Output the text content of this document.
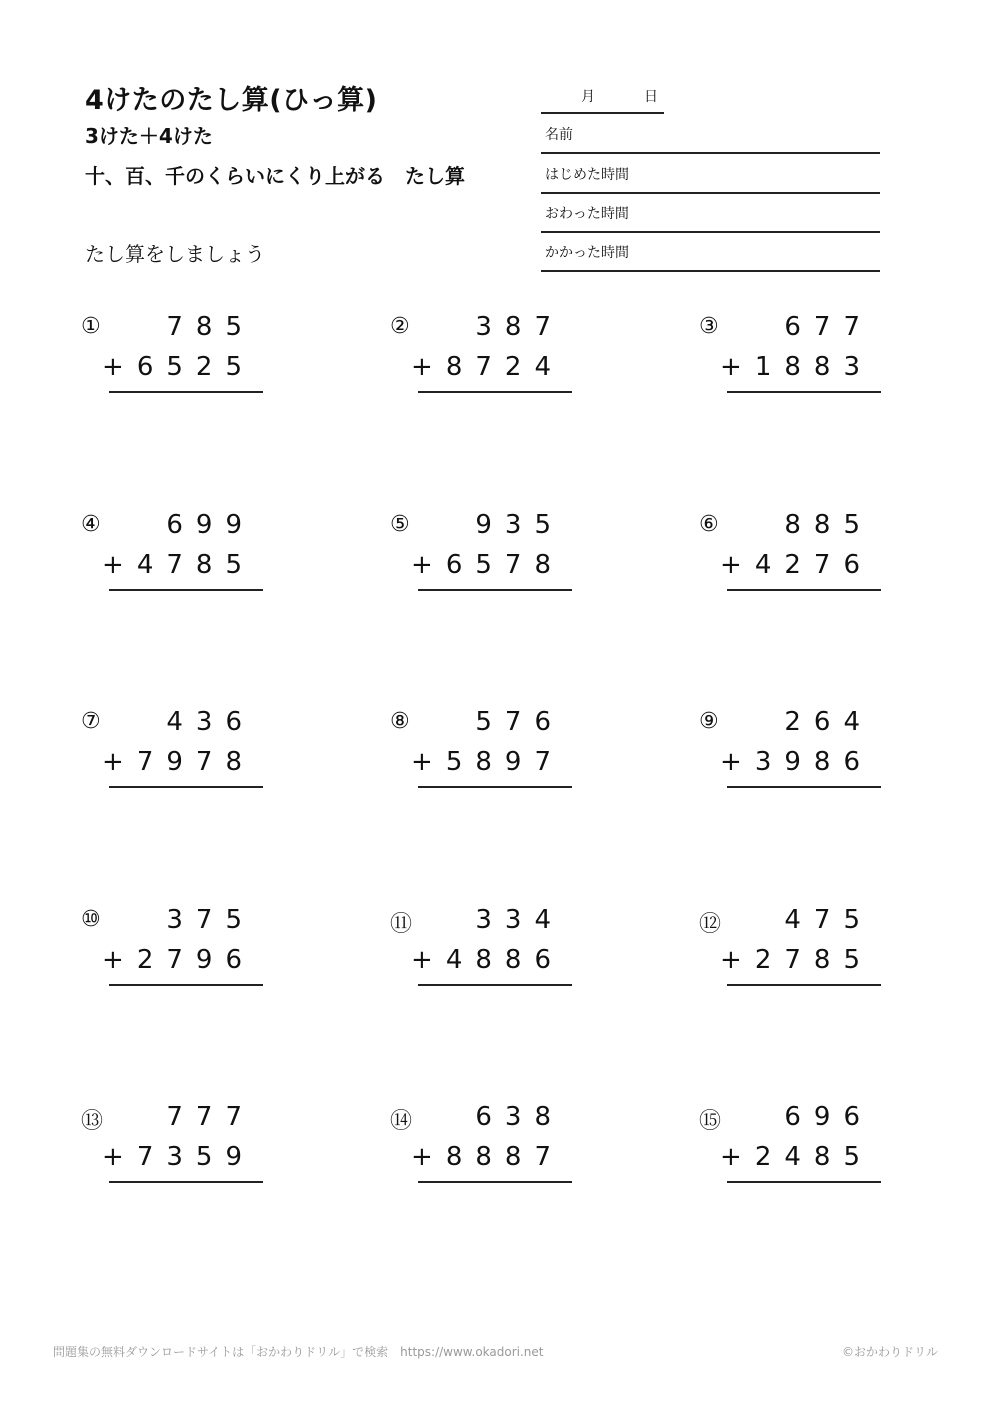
4けたのたし算(ひっ算)
3けた＋4けた
十、百、千のくらいにくり上がる　たし算
たし算をしましょう
月	日
名前
はじめた時間
おわった時間
かかった時間
①	785
+6525
②	387
+8724
③	677
+1883
④	699
+4785
⑤	935
+6578
⑥	885
+4276
⑦	436
+7978
⑧	576
+5897
⑨	264
+3986
⑩	375
+2796
⑪ 334
+4886
⑫ 475
+2785
⑬ 777
+7359
⑭ 638
+8887
⑮ 696
+2485
問題集の無料ダウンロードサイトは「おかわりドリル」で検索　https://www.okadori.net	©おかわりドリル
